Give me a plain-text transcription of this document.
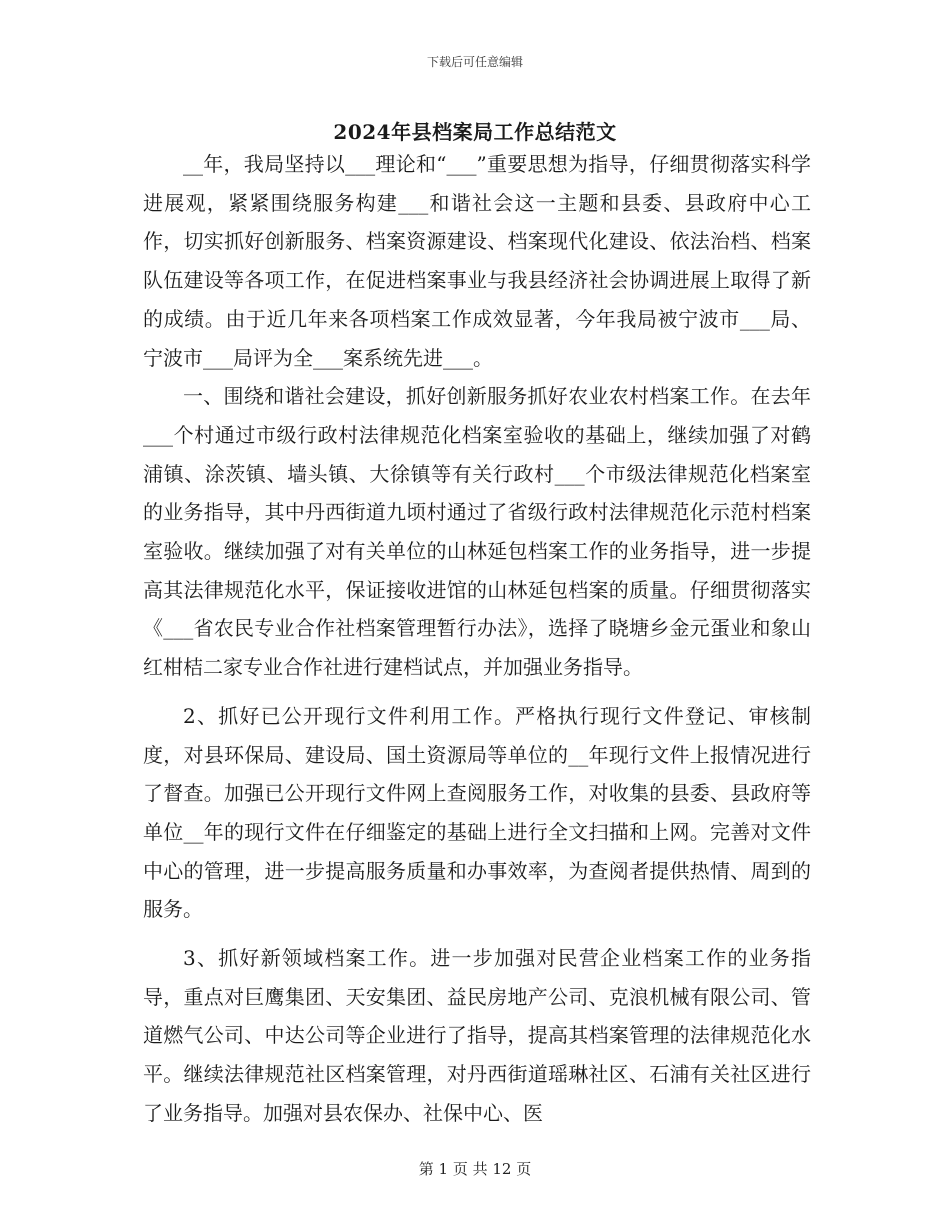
下载后可任意编辑
2024年县档案局工作总结范文

__年，我局坚持以___理论和“___”重要思想为指导，仔细贯彻落实科学进展观，紧紧围绕服务构建___和谐社会这一主题和县委、县政府中心工作，切实抓好创新服务、档案资源建设、档案现代化建设、依法治档、档案队伍建设等各项工作，在促进档案事业与我县经济社会协调进展上取得了新的成绩。由于近几年来各项档案工作成效显著，今年我局被宁波市___局、宁波市___局评为全___案系统先进___。

一、围绕和谐社会建设，抓好创新服务抓好农业农村档案工作。在去年___个村通过市级行政村法律规范化档案室验收的基础上，继续加强了对鹤浦镇、涂茨镇、墙头镇、大徐镇等有关行政村___个市级法律规范化档案室的业务指导，其中丹西街道九顷村通过了省级行政村法律规范化示范村档案室验收。继续加强了对有关单位的山林延包档案工作的业务指导，进一步提高其法律规范化水平，保证接收进馆的山林延包档案的质量。仔细贯彻落实《___省农民专业合作社档案管理暂行办法》，选择了晓塘乡金元蛋业和象山红柑桔二家专业合作社进行建档试点，并加强业务指导。

2、抓好已公开现行文件利用工作。严格执行现行文件登记、审核制度，对县环保局、建设局、国土资源局等单位的__年现行文件上报情况进行了督查。加强已公开现行文件网上查阅服务工作，对收集的县委、县政府等单位__年的现行文件在仔细鉴定的基础上进行全文扫描和上网。完善对文件中心的管理，进一步提高服务质量和办事效率，为查阅者提供热情、周到的服务。

3、抓好新领域档案工作。进一步加强对民营企业档案工作的业务指导，重点对巨鹰集团、天安集团、益民房地产公司、克浪机械有限公司、管道燃气公司、中达公司等企业进行了指导，提高其档案管理的法律规范化水平。继续法律规范社区档案管理，对丹西街道瑶琳社区、石浦有关社区进行了业务指导。加强对县农保办、社保中心、医

第 1 页 共 12 页
